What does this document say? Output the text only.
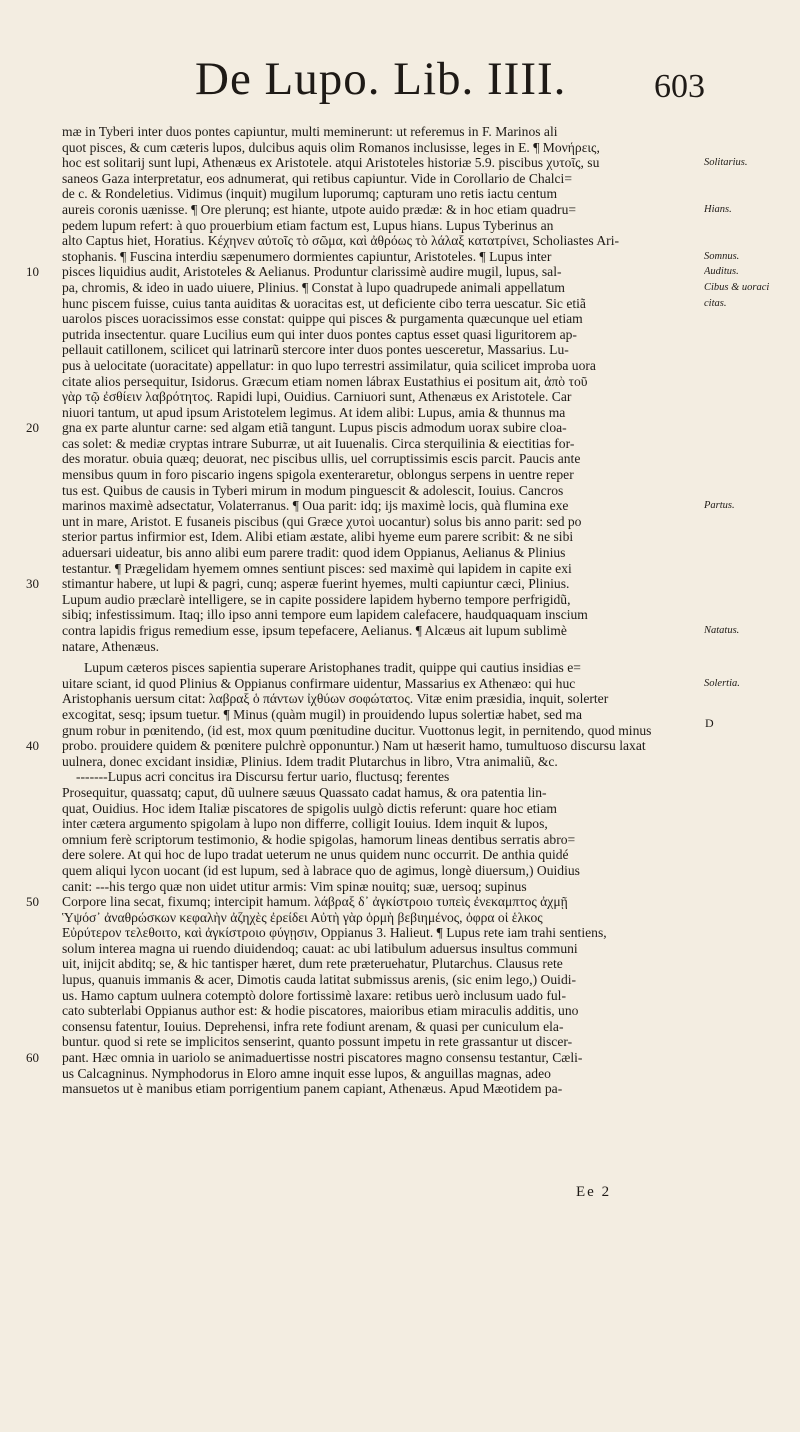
De Lupo. Lib. IIII.	603
mæ in Tyberi inter duos pontes capiuntur, multi meminerunt: ut referemus in F. Marinos ali
quot pisces, & cum cæteris lupos, dulcibus aquis olim Romanos inclusisse, leges in E. ¶ Μονήρεις,
hoc est solitarij sunt lupi, Athenæus ex Aristotele. atqui Aristoteles historiæ 5.9. piscibus χυτοῖς, su
saneos Gaza interpretatur, eos adnumerat, qui retibus capiuntur. Vide in Corollario de Chalci=
de c. & Rondeletius. Vidimus (inquit) mugilum luporumq; capturam uno retis iactu centum
aureis coronis uænisse. ¶ Ore plerunq; est hiante, utpote auido prædæ: & in hoc etiam quadru=
pedem lupum refert: à quo prouerbium etiam factum est, Lupus hians. Lupus Tyberinus an
alto Captus hiet, Horatius. Κέχηνεν αὐτοῖς τὸ σῶμα, καὶ ἀθρόως τὸ λάλαξ κατατρίνει, Scholiastes Ari-
stophanis. ¶ Fuscina interdiu sæpenumero dormientes capiuntur, Aristoteles. ¶ Lupus inter
pisces liquidius audit, Aristoteles & Aelianus. Produntur clarissimè audire mugil, lupus, sal-
pa, chromis, & ideo in uado uiuere, Plinius. ¶ Constat à lupo quadrupede animali appellatum
hunc piscem fuisse, cuius tanta auiditas & uoracitas est, ut deficiente cibo terra uescatur. Sic etiã
uarolos pisces uoracissimos esse constat: quippe qui pisces & purgamenta quæcunque uel etiam
putrida insectentur. quare Lucilius eum qui inter duos pontes captus esset quasi liguritorem ap-
pellauit catillonem, scilicet qui latrinarũ stercore inter duos pontes uesceretur, Massarius. Lu-
pus à uelocitate (uoracitate) appellatur: in quo lupo terrestri assimilatur, quia scilicet improba uora
citate alios persequitur, Isidorus. Græcum etiam nomen lábrax Eustathius ei positum ait, ἀπὸ τοῦ
γὰρ τῷ ἐσθίειν λαβρότητος. Rapidi lupi, Ouidius. Carniuori sunt, Athenæus ex Aristotele. Car
niuori tantum, ut apud ipsum Aristotelem legimus. At idem alibi: Lupus, amia & thunnus ma
gna ex parte aluntur carne: sed algam etiã tangunt. Lupus piscis admodum uorax subire cloa-
cas solet: & mediæ cryptas intrare Suburræ, ut ait Iuuenalis. Circa sterquilinia & eiectitias for-
des moratur. obuia quæq; deuorat, nec piscibus ullis, uel corruptissimis escis parcit. Paucis ante
mensibus quum in foro piscario ingens spigola exenteraretur, oblongus serpens in uentre reper
tus est. Quibus de causis in Tyberi mirum in modum pinguescit & adolescit, Iouius. Cancros
marinos maximè adsectatur, Volaterranus. ¶ Oua parit: idq; ijs maximè locis, quà flumina exe
unt in mare, Aristot. E fusaneis piscibus (qui Græce χυτοὶ uocantur) solus bis anno parit: sed po
sterior partus infirmior est, Idem. Alibi etiam æstate, alibi hyeme eum parere scribit: & ne sibi
aduersari uideatur, bis anno alibi eum parere tradit: quod idem Oppianus, Aelianus & Plinius
testantur. ¶ Prægelidam hyemem omnes sentiunt pisces: sed maximè qui lapidem in capite exi
stimantur habere, ut lupi & pagri, cunq; asperæ fuerint hyemes, multi capiuntur cæci, Plinius.
Lupum audio præclarè intelligere, se in capite possidere lapidem hyberno tempore perfrigidũ,
sibiq; infestissimum. Itaq; illo ipso anni tempore eum lapidem calefacere, haudquaquam inscium
contra lapidis frigus remedium esse, ipsum tepefacere, Aelianus. ¶ Alcæus ait lupum sublimè
natare, Athenæus.
Lupum cæteros pisces sapientia superare Aristophanes tradit, quippe qui cautius insidias e=
uitare sciant, id quod Plinius & Oppianus confirmare uidentur, Massarius ex Athenæo: qui huc
Aristophanis uersum citat: λαβραξ ὁ πάντων ἰχθύων σοφώτατος. Vitæ enim præsidia, inquit, solerter
excogitat, sesq; ipsum tuetur. ¶ Minus (quàm mugil) in prouidendo lupus solertiæ habet, sed ma
gnum robur in pœnitendo, (id est, mox quum pœnitudine ducitur. Vuottonus legit, in pernitendo, quod minus
probo. prouidere quidem & pœnitere pulchrè opponuntur.) Nam ut hæserit hamo, tumultuoso discursu laxat
uulnera, donec excidant insidiæ, Plinius. Idem tradit Plutarchus in libro, Vtra animaliũ, &c.
-------Lupus acri concitus ira Discursu fertur uario, fluctusq; ferentes
Prosequitur, quassatq; caput, dũ uulnere sæuus Quassato cadat hamus, & ora patentia lin-
quat, Ouidius. Hoc idem Italiæ piscatores de spigolis uulgò dictis referunt: quare hoc etiam
inter cætera argumento spigolam à lupo non differre, colligit Iouius. Idem inquit & lupos,
omnium ferè scriptorum testimonio, & hodie spigolas, hamorum lineas dentibus serratis abro=
dere solere. At qui hoc de lupo tradat ueterum ne unus quidem nunc occurrit. De anthia quidé
quem aliqui lycon uocant (id est lupum, sed à labrace quo de agimus, longè diuersum,) Ouidius
canit: ---his tergo quæ non uidet utitur armis: Vim spinæ nouitq; suæ, uersoq; supinus
Corpore lina secat, fixumq; intercipit hamum. λάβραξ δ᾽ ἀγκίστροιο τυπεὶς ἐνεκαμπτος ἀχμῇ
Ὑψόσ᾽ ἀναθρώσκων κεφαλὴν ἀζηχὲς ἐρείδει Αὐτὴ γὰρ ὁρμὴ βεβιημένος, ὀφρα οἱ ἑλκος
Εὐρύτερον τελεθοιτο, καὶ ἀγκίστροιο φύγῃσιν, Oppianus 3. Halieut. ¶ Lupus rete iam trahi sentiens,
solum interea magna ui ruendo diuidendoq; cauat: ac ubi latibulum aduersus insultus communi
uit, inijcit abditq; se, & hic tantisper hæret, dum rete præteruehatur, Plutarchus. Clausus rete
lupus, quanuis immanis & acer, Dimotis cauda latitat submissus arenis, (sic enim lego,) Ouidi-
us. Hamo captum uulnera cotemptò dolore fortissimè laxare: retibus uerò inclusum uado ful-
cato subterlabi Oppianus author est: & hodie piscatores, maioribus etiam miraculis additis, uno
consensu fatentur, Iouius. Deprehensi, infra rete fodiunt arenam, & quasi per cuniculum ela-
buntur. quod si rete se implicitos senserint, quanto possunt impetu in rete grassantur ut discer-
pant. Hæc omnia in uariolo se animaduertisse nostri piscatores magno consensu testantur, Cæli-
us Calcagninus. Nymphodorus in Eloro amne inquit esse lupos, & anguillas magnas, adeo
mansuetos ut è manibus etiam porrigentium panem capiant, Athenæus. Apud Mæotidem pa-
10
20
30
40
50
60
Solitarius.
Hians.
Somnus.
Auditus.
Cibus & uoraci
citas.
Partus.
Natatus.
Solertia.
D
Ee 2
